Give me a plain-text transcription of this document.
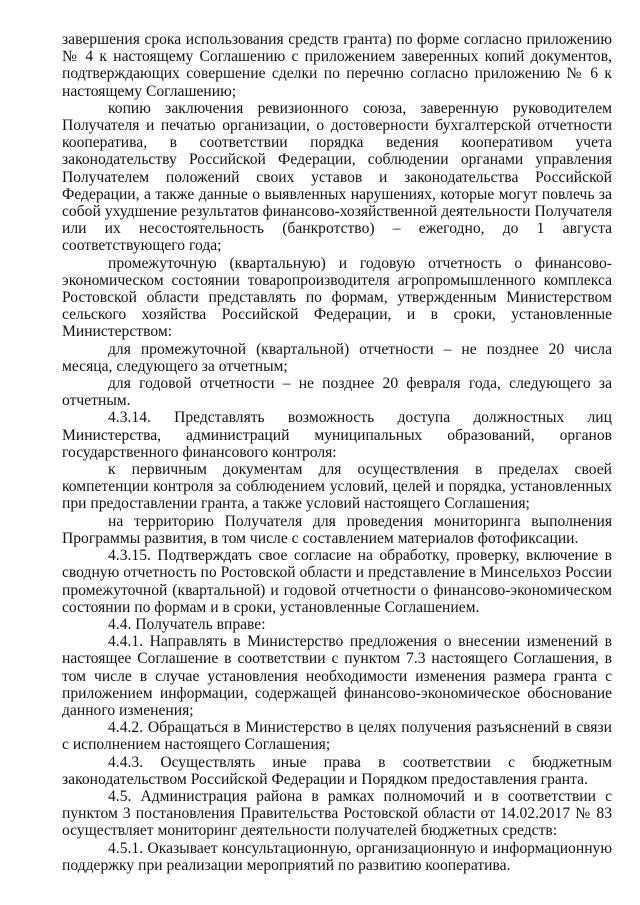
завершения срока использования средств гранта) по форме согласно приложению № 4 к настоящему Соглашению с приложением заверенных копий документов, подтверждающих совершение сделки по перечню согласно приложению № 6 к настоящему Соглашению;

копию заключения ревизионного союза, заверенную руководителем Получателя и печатью организации, о достоверности бухгалтерской отчетности кооператива, в соответствии порядка ведения кооперативом учета законодательству Российской Федерации, соблюдении органами управления Получателем положений своих уставов и законодательства Российской Федерации, а также данные о выявленных нарушениях, которые могут повлечь за собой ухудшение результатов финансово-хозяйственной деятельности Получателя или их несостоятельность (банкротство) – ежегодно, до 1 августа соответствующего года;

промежуточную (квартальную) и годовую отчетность о финансово-экономическом состоянии товаропроизводителя агропромышленного комплекса Ростовской области представлять по формам, утвержденным Министерством сельского хозяйства Российской Федерации, и в сроки, установленные Министерством:

для промежуточной (квартальной) отчетности – не позднее 20 числа месяца, следующего за отчетным;

для годовой отчетности – не позднее 20 февраля года, следующего за отчетным.

4.3.14. Представлять возможность доступа должностных лиц Министерства, администраций муниципальных образований, органов государственного финансового контроля:

к первичным документам для осуществления в пределах своей компетенции контроля за соблюдением условий, целей и порядка, установленных при предоставлении гранта, а также условий настоящего Соглашения;

на территорию Получателя для проведения мониторинга выполнения Программы развития, в том числе с составлением материалов фотофиксации.

4.3.15. Подтверждать свое согласие на обработку, проверку, включение в сводную отчетность по Ростовской области и представление в Минсельхоз России промежуточной (квартальной) и годовой отчетности о финансово-экономическом состоянии по формам и в сроки, установленные Соглашением.

4.4. Получатель вправе:

4.4.1. Направлять в Министерство предложения о внесении изменений в настоящее Соглашение в соответствии с пунктом 7.3 настоящего Соглашения, в том числе в случае установления необходимости изменения размера гранта с приложением информации, содержащей финансово-экономическое обоснование данного изменения;

4.4.2. Обращаться в Министерство в целях получения разъяснений в связи с исполнением настоящего Соглашения;

4.4.3. Осуществлять иные права в соответствии с бюджетным законодательством Российской Федерации и Порядком предоставления гранта.

4.5. Администрация района в рамках полномочий и в соответствии с пунктом 3 постановления Правительства Ростовской области от 14.02.2017 № 83 осуществляет мониторинг деятельности получателей бюджетных средств:

4.5.1. Оказывает консультационную, организационную и информационную поддержку при реализации мероприятий по развитию кооператива.
